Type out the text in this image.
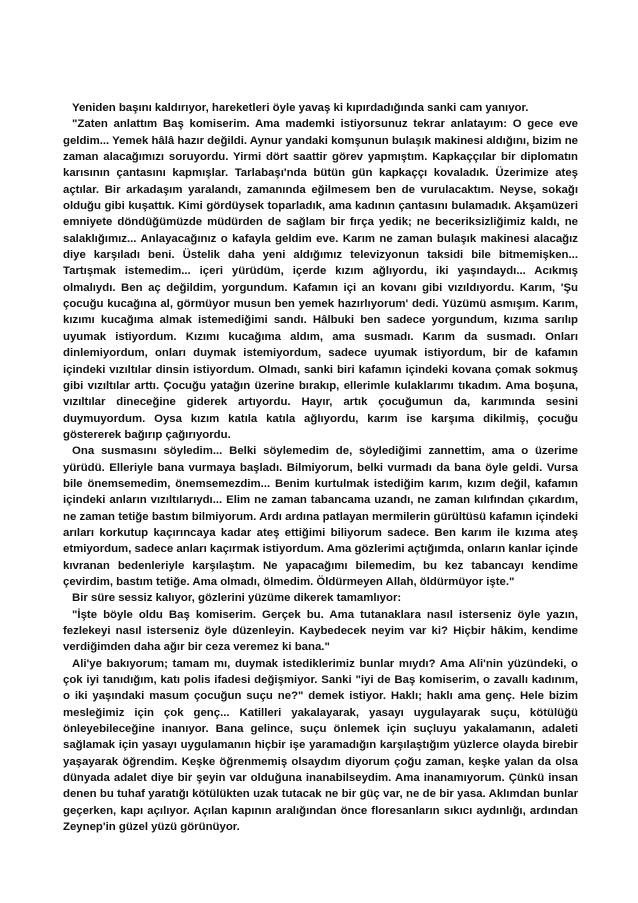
Yeniden başını kaldırıyor, hareketleri öyle yavaş ki kıpırdadığında sanki cam yanıyor.

"Zaten anlattım Baş komiserim. Ama mademki istiyorsunuz tekrar anlatayım: O gece eve geldim... Yemek hâlâ hazır değildi. Aynur yandaki komşunun bulaşık makinesi aldığını, bizim ne zaman alacağımızı soruyordu. Yirmi dört saattir görev yapmıştım. Kapkaççılar bir diplomatın karısının çantasını kapmışlar. Tarlabaşı'nda bütün gün kapkaççı kovaladık. Üzerimize ateş açtılar. Bir arkadaşım yaralandı, zamanında eğilmesem ben de vurulacaktım. Neyse, sokağı olduğu gibi kuşattık. Kimi gördüysek toparladık, ama kadının çantasını bulamadık. Akşamüzeri emniyete döndüğümüzde müdürden de sağlam bir fırça yedik; ne beceriksizliğimiz kaldı, ne salaklığımız... Anlayacağınız o kafayla geldim eve. Karım ne zaman bulaşık makinesi alacağız diye karşıladı beni. Üstelik daha yeni aldığımız televizyonun taksidi bile bitmemişken... Tartışmak istemedim... içeri yürüdüm, içerde kızım ağlıyordu, iki yaşındaydı... Acıkmış olmalıydı. Ben aç değildim, yorgundum. Kafamın içi an kovanı gibi vızıldıyordu. Karım, 'Şu çocuğu kucağına al, görmüyor musun ben yemek hazırlıyorum' dedi. Yüzümü asmışım. Karım, kızımı kucağıma almak istemediğimi sandı. Hâlbuki ben sadece yorgundum, kızıma sarılıp uyumak istiyordum. Kızımı kucağıma aldım, ama susmadı. Karım da susmadı. Onları dinlemiyordum, onları duymak istemiyordum, sadece uyumak istiyordum, bir de kafamın içindeki vızıltılar dinsin istiyordum. Olmadı, sanki biri kafamın içindeki kovana çomak sokmuş gibi vızıltılar arttı. Çocuğu yatağın üzerine bırakıp, ellerimle kulaklarımı tıkadım. Ama boşuna, vızıltılar dineceğine giderek artıyordu. Hayır, artık çocuğumun da, karımında sesini duymuyordum. Oysa kızım katıla katıla ağlıyordu, karım ise karşıma dikilmiş, çocuğu göstererek bağırıp çağırıyordu.

Ona susmasını söyledim... Belki söylemedim de, söylediğimi zannettim, ama o üzerime yürüdü. Elleriyle bana vurmaya başladı. Bilmiyorum, belki vurmadı da bana öyle geldi. Vursa bile önemsemedim, önemsemezdim... Benim kurtulmak istediğim karım, kızım değil, kafamın içindeki anların vızıltılarıydı... Elim ne zaman tabancama uzandı, ne zaman kılıfından çıkardım, ne zaman tetiğe bastım bilmiyorum. Ardı ardına patlayan mermilerin gürültüsü kafamın içindeki arıları korkutup kaçırıncaya kadar ateş ettiğimi biliyorum sadece. Ben karım ile kızıma ateş etmiyordum, sadece anları kaçırmak istiyordum. Ama gözlerimi açtığımda, onların kanlar içinde kıvranan bedenleriyle karşılaştım. Ne yapacağımı bilemedim, bu kez tabancayı kendime çevirdim, bastım tetiğe. Ama olmadı, ölmedim. Öldürmeyen Allah, öldürmüyor işte."

Bir süre sessiz kalıyor, gözlerini yüzüme dikerek tamamlıyor:

"İşte böyle oldu Baş komiserim. Gerçek bu. Ama tutanaklara nasıl isterseniz öyle yazın, fezlekeyi nasıl isterseniz öyle düzenleyin. Kaybedecek neyim var ki? Hiçbir hâkim, kendime verdiğimden daha ağır bir ceza veremez ki bana."

Ali'ye bakıyorum; tamam mı, duymak istediklerimiz bunlar mıydı? Ama Ali'nin yüzündeki, o çok iyi tanıdığım, katı polis ifadesi değişmiyor. Sanki "iyi de Baş komiserim, o zavallı kadınım, o iki yaşındaki masum çocuğun suçu ne?" demek istiyor. Haklı; haklı ama genç. Hele bizim mesleğimiz için çok genç... Katilleri yakalayarak, yasayı uygulayarak suçu, kötülüğü önleyebileceğine inanıyor. Bana gelince, suçu önlemek için suçluyu yakalamanın, adaleti sağlamak için yasayı uygulamanın hiçbir işe yaramadığın karşılaştığım yüzlerce olayda birebir yaşayarak öğrendim. Keşke öğrenmemiş olsaydım diyorum çoğu zaman, keşke yalan da olsa dünyada adalet diye bir şeyin var olduğuna inanabilseydim. Ama inanamıyorum. Çünkü insan denen bu tuhaf yaratığı kötülükten uzak tutacak ne bir güç var, ne de bir yasa. Aklımdan bunlar geçerken, kapı açılıyor. Açılan kapının aralığından önce floresanların sıkıcı aydınlığı, ardından Zeynep'in güzel yüzü görünüyor.
